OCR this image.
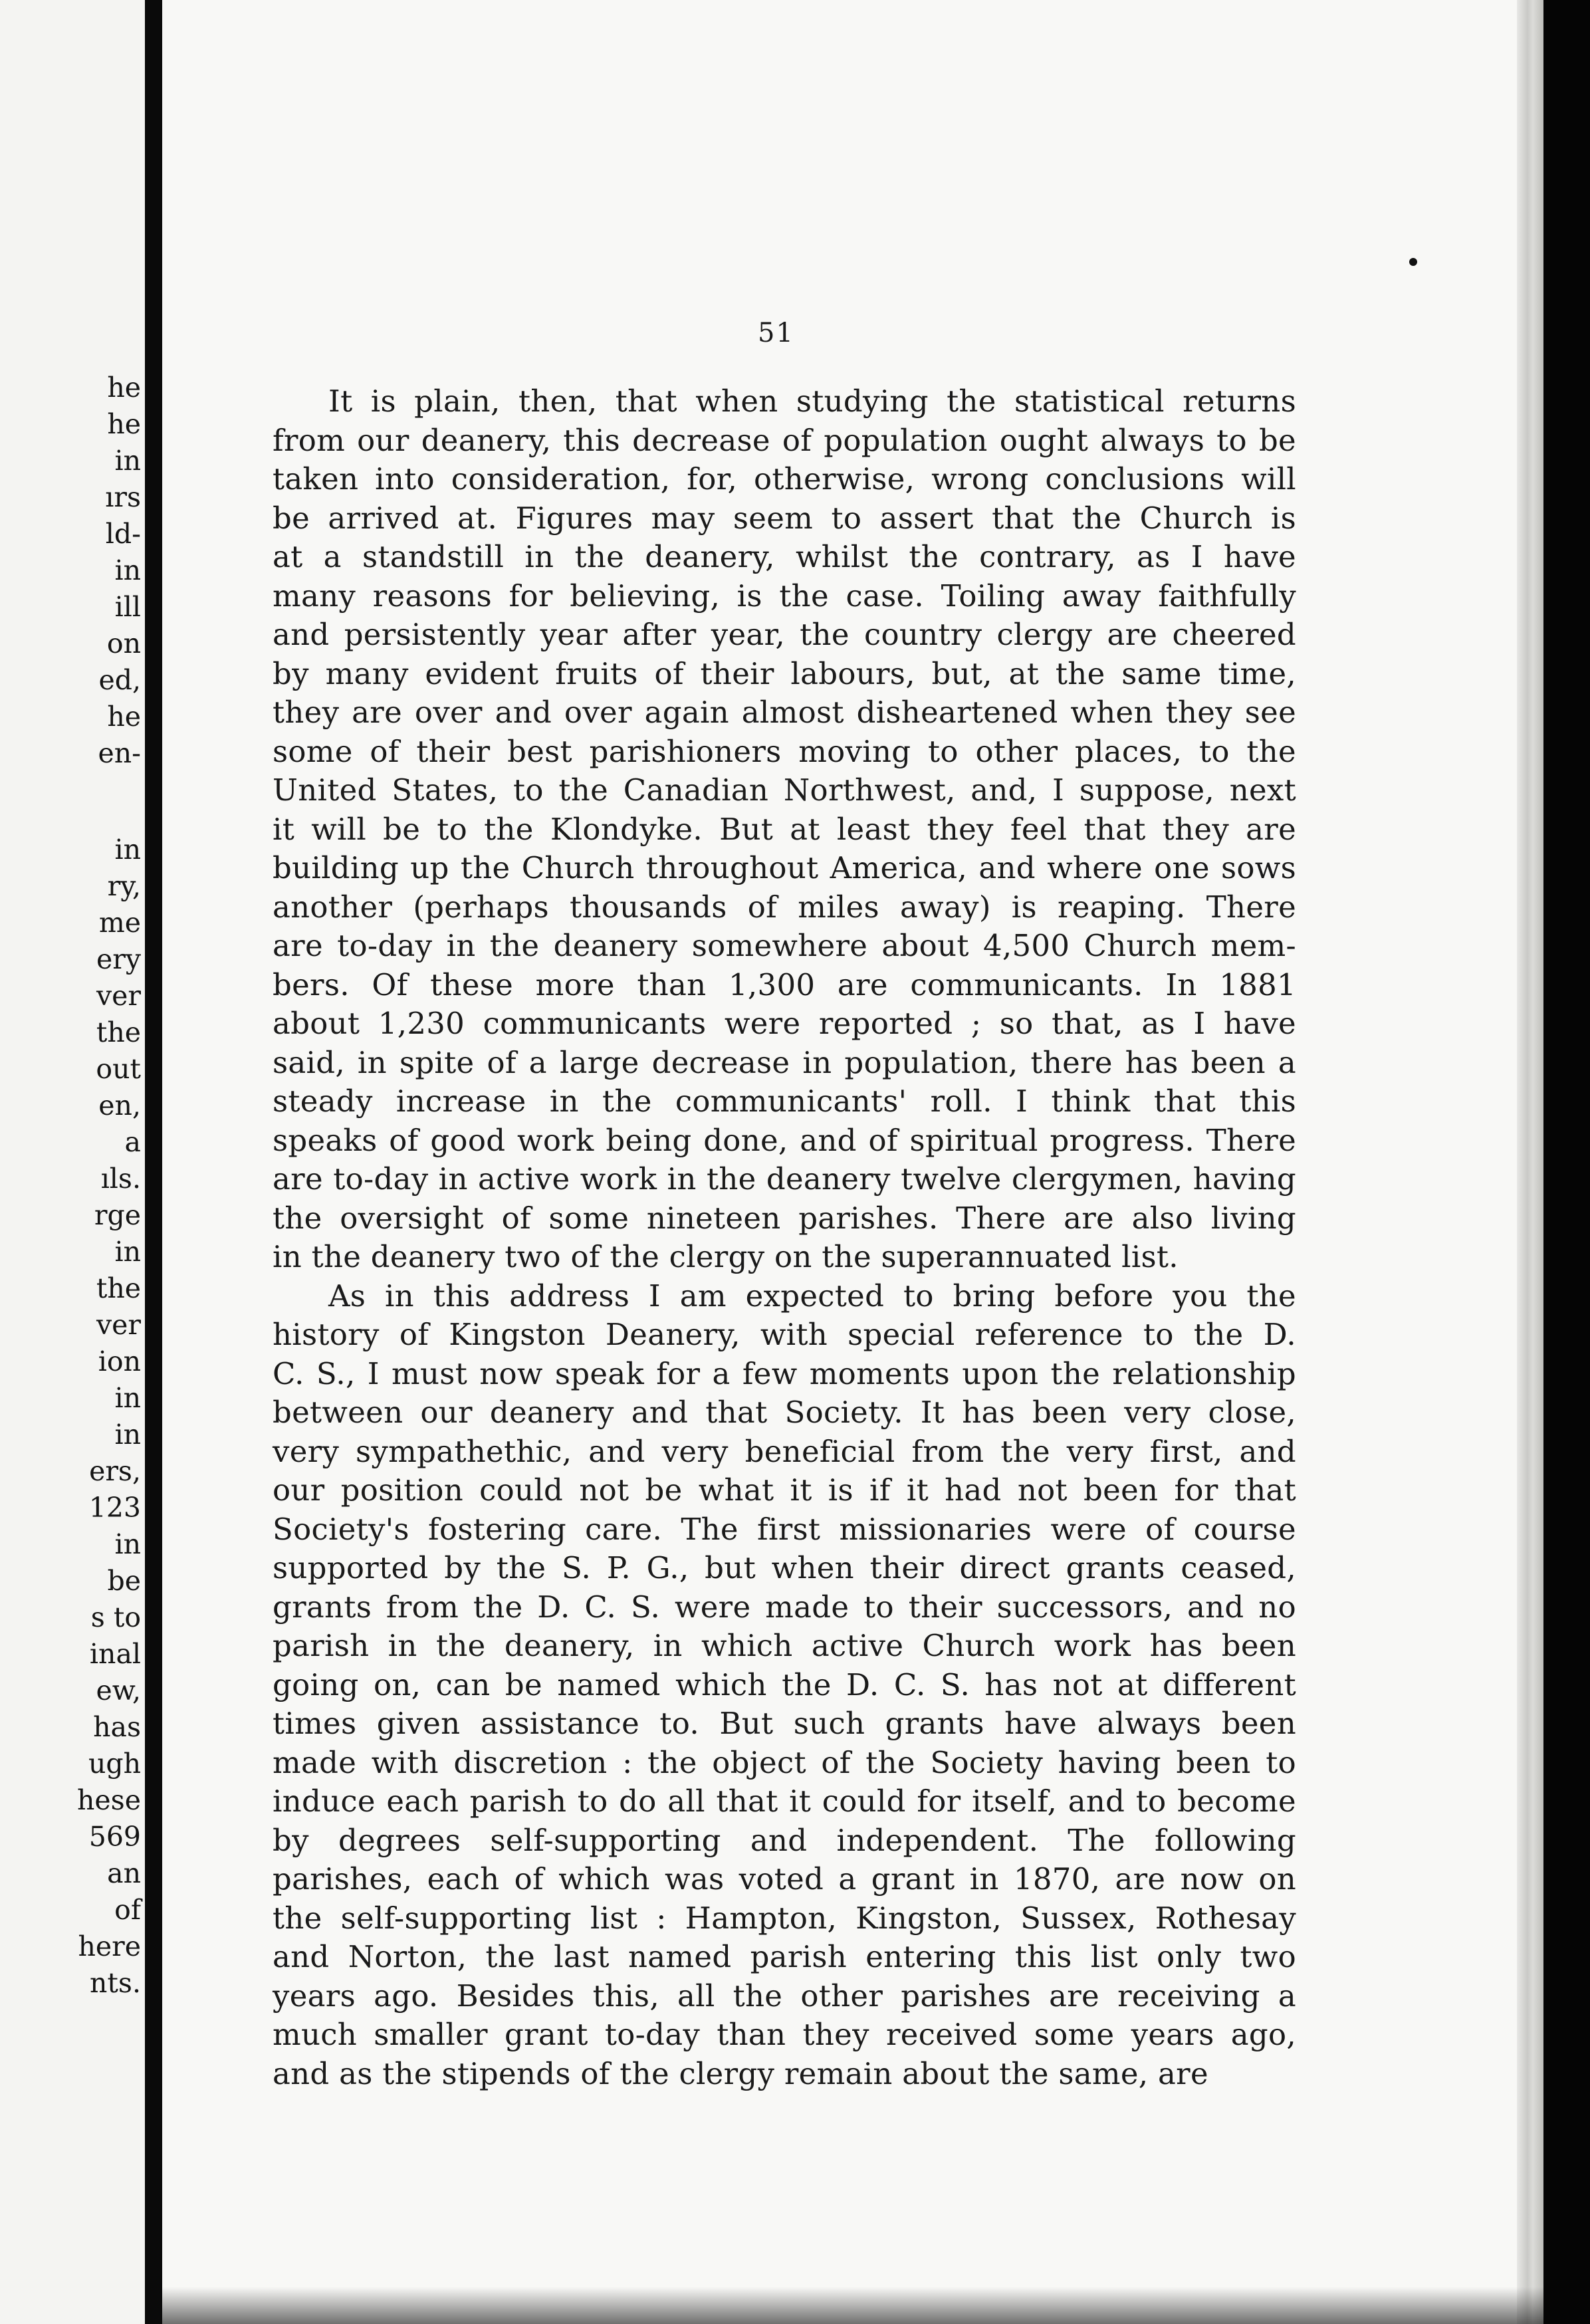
he
he
in
ırs
ld-
in
ill
on
ed,
he
en-
in
ry,
me
ery
ver
the
out
en,
a
ıls.
rge
in
the
ver
ion
in
in
ers,
123
in
be
s to
inal
ew,
has
ugh
hese
569
an
of
here
nts.
51
It is plain, then, that when studying the statistical returns
from our deanery, this decrease of population ought always to be
taken into consideration, for, otherwise, wrong conclusions will
be arrived at. Figures may seem to assert that the Church is
at a standstill in the deanery, whilst the contrary, as I have
many reasons for believing, is the case. Toiling away faithfully
and persistently year after year, the country clergy are cheered
by many evident fruits of their labours, but, at the same time,
they are over and over again almost disheartened when they see
some of their best parishioners moving to other places, to the
United States, to the Canadian Northwest, and, I suppose, next
it will be to the Klondyke. But at least they feel that they are
building up the Church throughout America, and where one sows
another (perhaps thousands of miles away) is reaping. There
are to-day in the deanery somewhere about 4,500 Church mem-
bers. Of these more than 1,300 are communicants. In 1881
about 1,230 communicants were reported ; so that, as I have
said, in spite of a large decrease in population, there has been a
steady increase in the communicants' roll. I think that this
speaks of good work being done, and of spiritual progress. There
are to-day in active work in the deanery twelve clergymen, having
the oversight of some nineteen parishes. There are also living
in the deanery two of the clergy on the superannuated list.
As in this address I am expected to bring before you the
history of Kingston Deanery, with special reference to the D.
C. S., I must now speak for a few moments upon the relationship
between our deanery and that Society. It has been very close,
very sympathethic, and very beneficial from the very first, and
our position could not be what it is if it had not been for that
Society's fostering care. The first missionaries were of course
supported by the S. P. G., but when their direct grants ceased,
grants from the D. C. S. were made to their successors, and no
parish in the deanery, in which active Church work has been
going on, can be named which the D. C. S. has not at different
times given assistance to. But such grants have always been
made with discretion : the object of the Society having been to
induce each parish to do all that it could for itself, and to become
by degrees self-supporting and independent. The following
parishes, each of which was voted a grant in 1870, are now on
the self-supporting list : Hampton, Kingston, Sussex, Rothesay
and Norton, the last named parish entering this list only two
years ago. Besides this, all the other parishes are receiving a
much smaller grant to-day than they received some years ago,
and as the stipends of the clergy remain about the same, are
